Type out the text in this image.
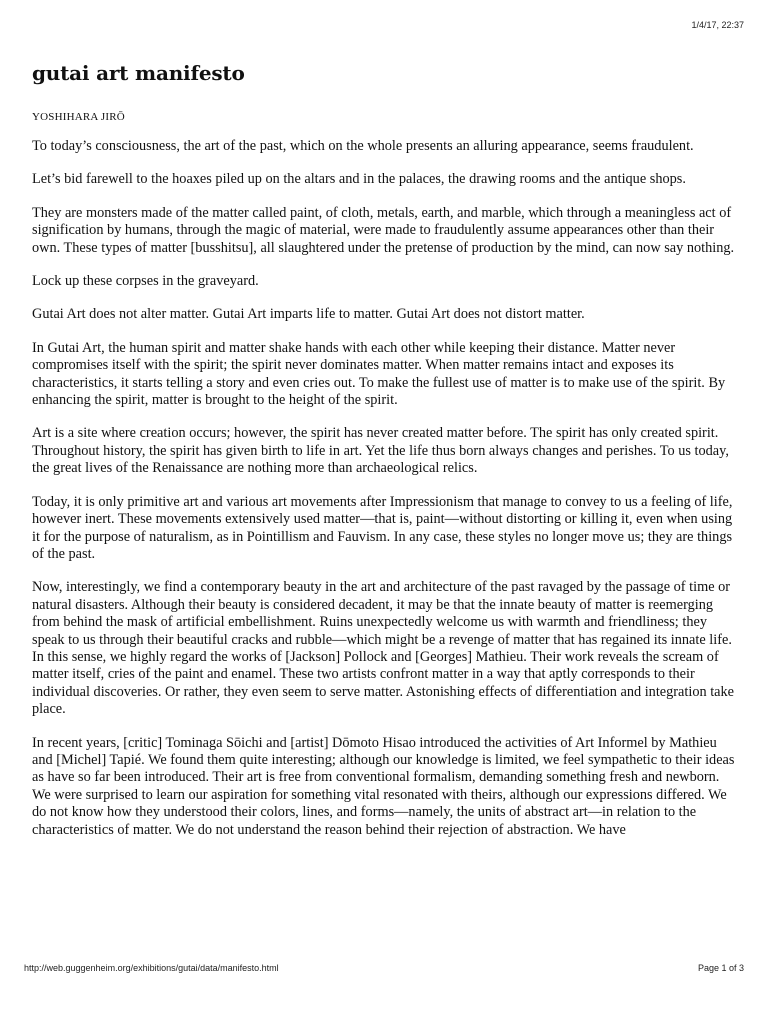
1/4/17, 22:37
gutai art manifesto
YOSHIHARA JIRŌ

To today’s consciousness, the art of the past, which on the whole presents an alluring appearance, seems fraudulent.

Let’s bid farewell to the hoaxes piled up on the altars and in the palaces, the drawing rooms and the antique shops.

They are monsters made of the matter called paint, of cloth, metals, earth, and marble, which through a meaningless act of signification by humans, through the magic of material, were made to fraudulently assume appearances other than their own. These types of matter [busshitsu], all slaughtered under the pretense of production by the mind, can now say nothing.

Lock up these corpses in the graveyard.

Gutai Art does not alter matter. Gutai Art imparts life to matter. Gutai Art does not distort matter.

In Gutai Art, the human spirit and matter shake hands with each other while keeping their distance. Matter never compromises itself with the spirit; the spirit never dominates matter. When matter remains intact and exposes its characteristics, it starts telling a story and even cries out. To make the fullest use of matter is to make use of the spirit. By enhancing the spirit, matter is brought to the height of the spirit.

Art is a site where creation occurs; however, the spirit has never created matter before. The spirit has only created spirit. Throughout history, the spirit has given birth to life in art. Yet the life thus born always changes and perishes. To us today, the great lives of the Renaissance are nothing more than archaeological relics.

Today, it is only primitive art and various art movements after Impressionism that manage to convey to us a feeling of life, however inert. These movements extensively used matter—that is, paint—without distorting or killing it, even when using it for the purpose of naturalism, as in Pointillism and Fauvism. In any case, these styles no longer move us; they are things of the past.

Now, interestingly, we find a contemporary beauty in the art and architecture of the past ravaged by the passage of time or natural disasters. Although their beauty is considered decadent, it may be that the innate beauty of matter is reemerging from behind the mask of artificial embellishment. Ruins unexpectedly welcome us with warmth and friendliness; they speak to us through their beautiful cracks and rubble—which might be a revenge of matter that has regained its innate life. In this sense, we highly regard the works of [Jackson] Pollock and [Georges] Mathieu. Their work reveals the scream of matter itself, cries of the paint and enamel. These two artists confront matter in a way that aptly corresponds to their individual discoveries. Or rather, they even seem to serve matter. Astonishing effects of differentiation and integration take place.

In recent years, [critic] Tominaga Sōichi and [artist] Dōmoto Hisao introduced the activities of Art Informel by Mathieu and [Michel] Tapié. We found them quite interesting; although our knowledge is limited, we feel sympathetic to their ideas as have so far been introduced. Their art is free from conventional formalism, demanding something fresh and newborn. We were surprised to learn our aspiration for something vital resonated with theirs, although our expressions differed. We do not know how they understood their colors, lines, and forms—namely, the units of abstract art—in relation to the characteristics of matter. We do not understand the reason behind their rejection of abstraction. We have

http://web.guggenheim.org/exhibitions/gutai/data/manifesto.html	Page 1 of 3
